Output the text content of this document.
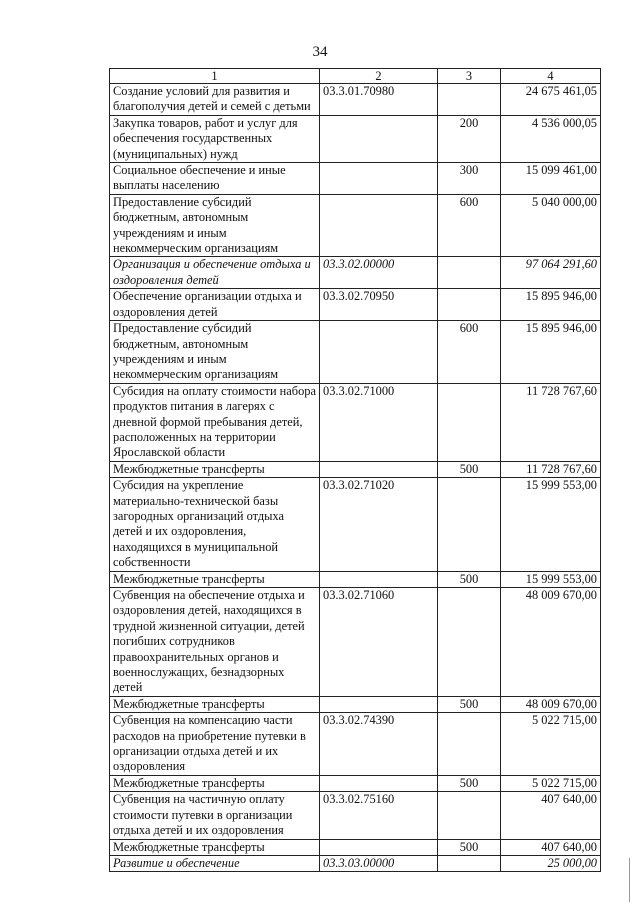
34
1	2	3	4
Создание условий для развития и благополучия детей и семей с детьми	03.3.01.70980		24 675 461,05
Закупка товаров, работ и услуг для обеспечения государственных (муниципальных) нужд		200	4 536 000,05
Социальное обеспечение и иные выплаты населению		300	15 099 461,00
Предоставление субсидий бюджетным, автономным учреждениям и иным некоммерческим организациям		600	5 040 000,00
Организация и обеспечение отдыха и оздоровления детей	03.3.02.00000		97 064 291,60
Обеспечение организации отдыха и оздоровления детей	03.3.02.70950		15 895 946,00
Предоставление субсидий бюджетным, автономным учреждениям и иным некоммерческим организациям		600	15 895 946,00
Субсидия на оплату стоимости набора продуктов питания в лагерях с дневной формой пребывания детей, расположенных на территории Ярославской области	03.3.02.71000		11 728 767,60
Межбюджетные трансферты		500	11 728 767,60
Субсидия на укрепление материально-технической базы загородных организаций отдыха детей и их оздоровления, находящихся в муниципальной собственности	03.3.02.71020		15 999 553,00
Межбюджетные трансферты		500	15 999 553,00
Субвенция на обеспечение отдыха и оздоровления детей, находящихся в трудной жизненной ситуации, детей погибших сотрудников правоохранительных органов и военнослужащих, безнадзорных детей	03.3.02.71060		48 009 670,00
Межбюджетные трансферты		500	48 009 670,00
Субвенция на компенсацию части расходов на приобретение путевки в организации отдыха детей и их оздоровления	03.3.02.74390		5 022 715,00
Межбюджетные трансферты		500	5 022 715,00
Субвенция на частичную оплату стоимости путевки в организации отдыха детей и их оздоровления	03.3.02.75160		407 640,00
Межбюджетные трансферты		500	407 640,00
Развитие и обеспечение	03.3.03.00000		25 000,00
